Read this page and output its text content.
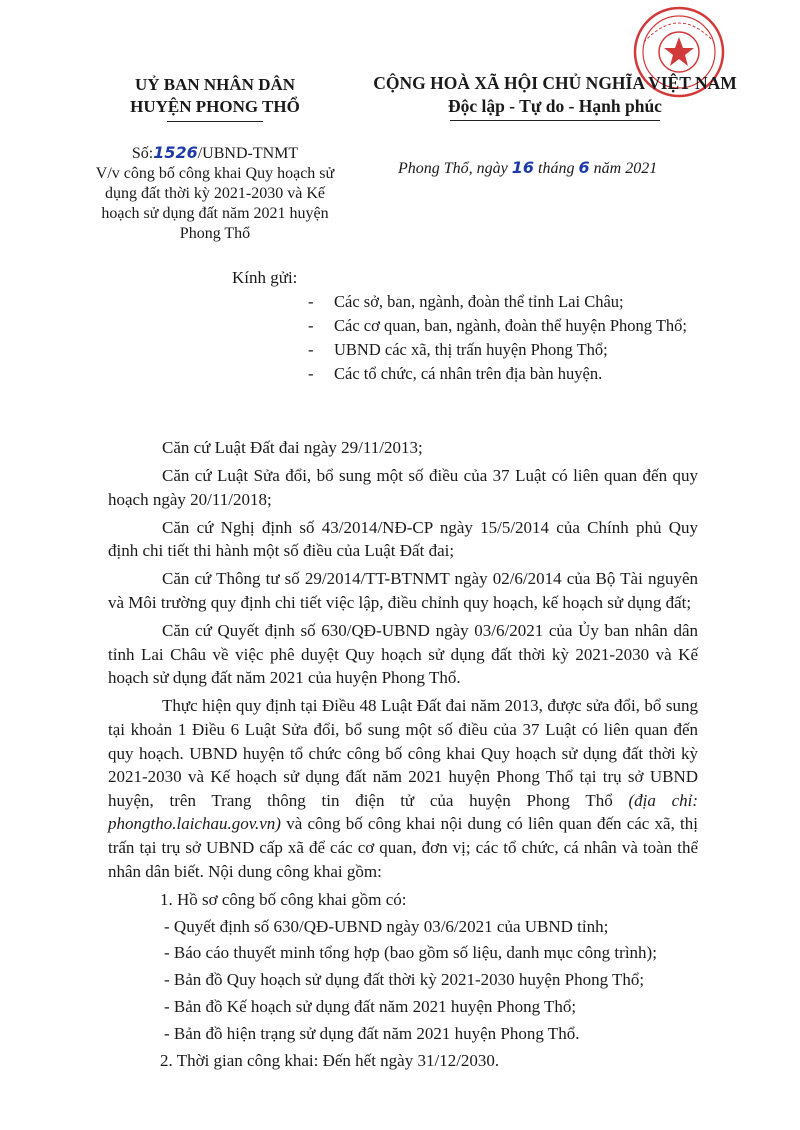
UỶ BAN NHÂN DÂN
HUYỆN PHONG THỔ
CỘNG HOÀ XÃ HỘI CHỦ NGHĨA VIỆT NAM
Độc lập - Tự do - Hạnh phúc
Số:1526/UBND-TNMT
V/v công bố công khai Quy hoạch sử dụng đất thời kỳ 2021-2030 và Kế hoạch sử dụng đất năm 2021 huyện Phong Thổ
Phong Thổ, ngày 16 tháng 6 năm 2021
Kính gửi:
- Các sở, ban, ngành, đoàn thể tỉnh Lai Châu;
- Các cơ quan, ban, ngành, đoàn thể huyện Phong Thổ;
- UBND các xã, thị trấn huyện Phong Thổ;
- Các tổ chức, cá nhân trên địa bàn huyện.

Căn cứ Luật Đất đai ngày 29/11/2013;

Căn cứ Luật Sửa đổi, bổ sung một số điều của 37 Luật có liên quan đến quy hoạch ngày 20/11/2018;

Căn cứ Nghị định số 43/2014/NĐ-CP ngày 15/5/2014 của Chính phủ Quy định chi tiết thi hành một số điều của Luật Đất đai;

Căn cứ Thông tư số 29/2014/TT-BTNMT ngày 02/6/2014 của Bộ Tài nguyên và Môi trường quy định chi tiết việc lập, điều chỉnh quy hoạch, kế hoạch sử dụng đất;

Căn cứ Quyết định số 630/QĐ-UBND ngày 03/6/2021 của Ủy ban nhân dân tỉnh Lai Châu về việc phê duyệt Quy hoạch sử dụng đất thời kỳ 2021-2030 và Kế hoạch sử dụng đất năm 2021 của huyện Phong Thổ.

Thực hiện quy định tại Điều 48 Luật Đất đai năm 2013, được sửa đổi, bổ sung tại khoản 1 Điều 6 Luật Sửa đổi, bổ sung một số điều của 37 Luật có liên quan đến quy hoạch. UBND huyện tổ chức công bố công khai Quy hoạch sử dụng đất thời kỳ 2021-2030 và Kế hoạch sử dụng đất năm 2021 huyện Phong Thổ tại trụ sở UBND huyện, trên Trang thông tin điện tử của huyện Phong Thổ (địa chỉ: phongtho.laichau.gov.vn) và công bố công khai nội dung có liên quan đến các xã, thị trấn tại trụ sở UBND cấp xã để các cơ quan, đơn vị; các tổ chức, cá nhân và toàn thể nhân dân biết. Nội dung công khai gồm:

1. Hồ sơ công bố công khai gồm có:
- Quyết định số 630/QĐ-UBND ngày 03/6/2021 của UBND tỉnh;
- Báo cáo thuyết minh tổng hợp (bao gồm số liệu, danh mục công trình);
- Bản đồ Quy hoạch sử dụng đất thời kỳ 2021-2030 huyện Phong Thổ;
- Bản đồ Kế hoạch sử dụng đất năm 2021 huyện Phong Thổ;
- Bản đồ hiện trạng sử dụng đất năm 2021 huyện Phong Thổ.
2. Thời gian công khai: Đến hết ngày 31/12/2030.
